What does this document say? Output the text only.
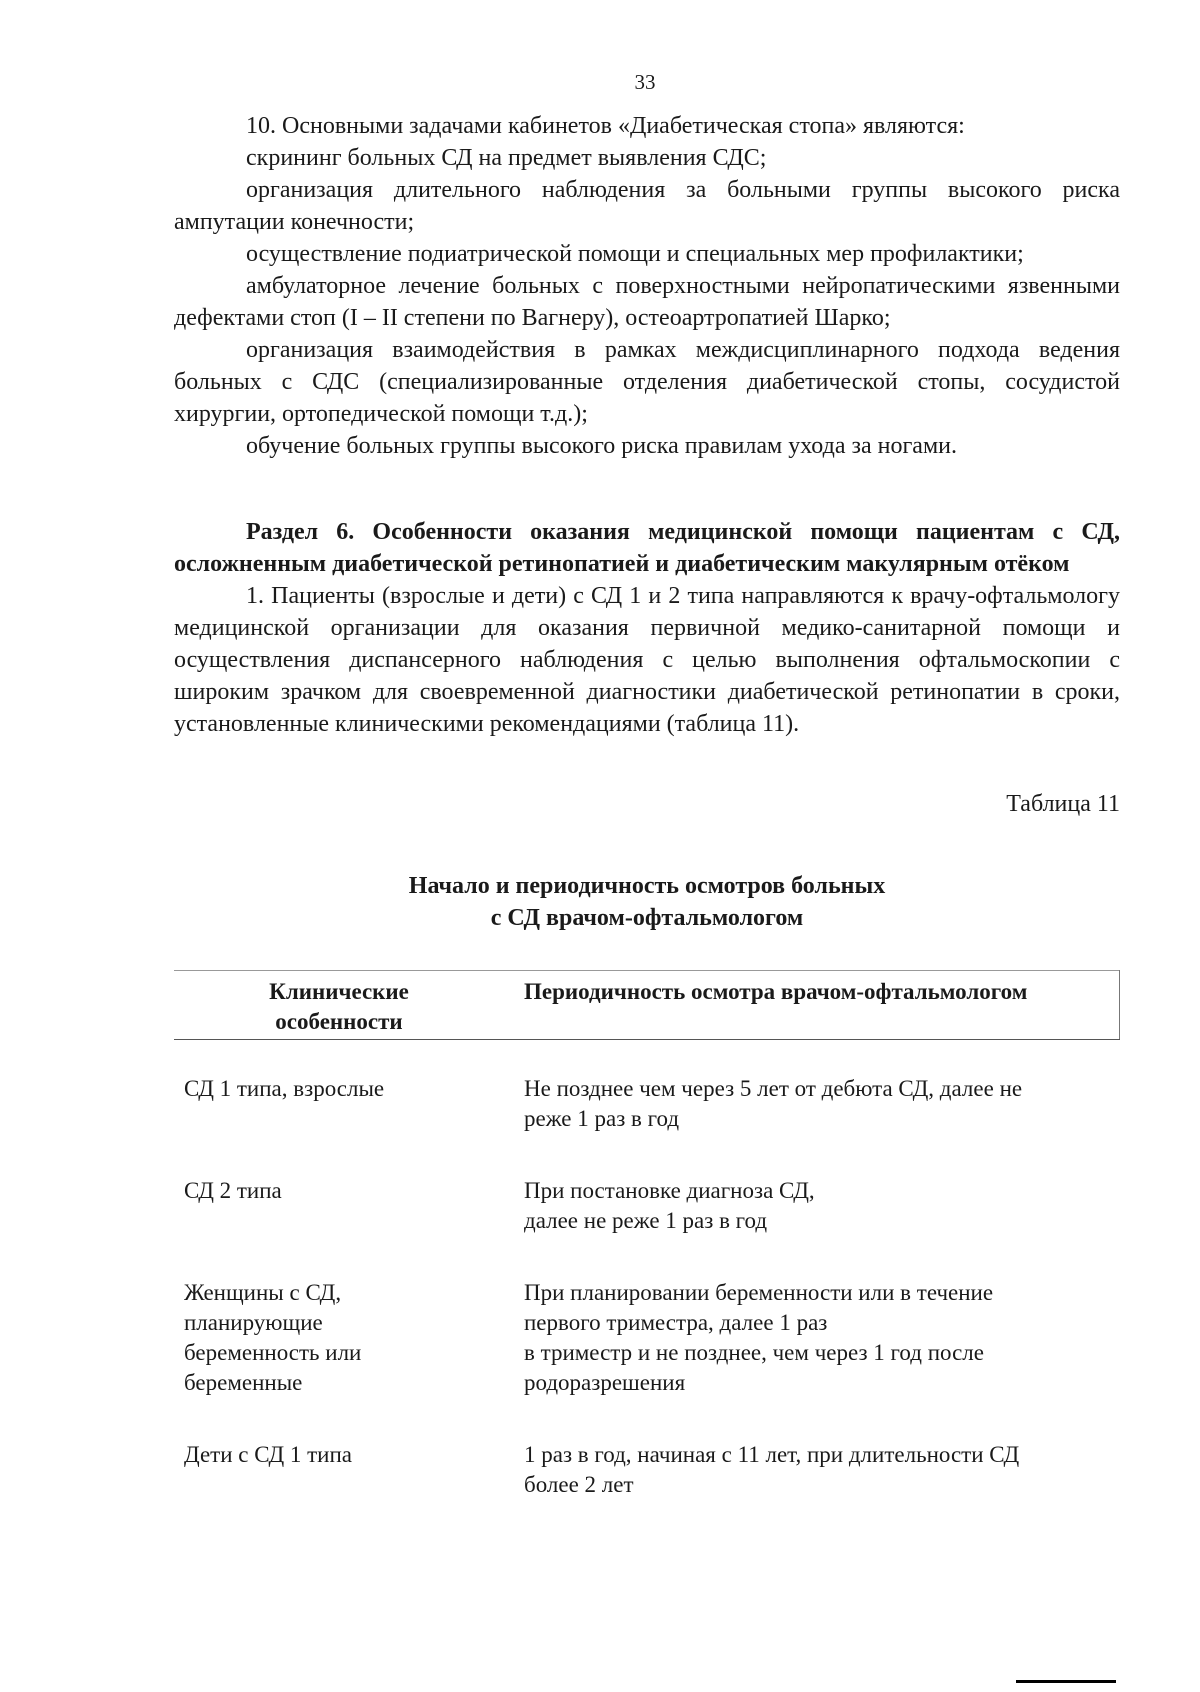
33

10. Основными задачами кабинетов «Диабетическая стопа» являются:

скрининг больных СД на предмет выявления СДС;

организация длительного наблюдения за больными группы высокого риска ампутации конечности;

осуществление подиатрической помощи и специальных мер профилактики;

амбулаторное лечение больных с поверхностными нейропатическими язвенными дефектами стоп (I – II степени по Вагнеру), остеоартропатией Шарко;

организация взаимодействия в рамках междисциплинарного подхода ведения больных с СДС (специализированные отделения диабетической стопы, сосудистой хирургии, ортопедической помощи т.д.);

обучение больных группы высокого риска правилам ухода за ногами.

Раздел 6. Особенности оказания медицинской помощи пациентам с СД, осложненным диабетической ретинопатией и диабетическим макулярным отёком

1. Пациенты (взрослые и дети) с СД 1 и 2 типа направляются к врачу-офтальмологу медицинской организации для оказания первичной медико-санитарной помощи и осуществления диспансерного наблюдения с целью выполнения офтальмоскопии с широким зрачком для своевременной диагностики диабетической ретинопатии в сроки, установленные клиническими рекомендациями (таблица 11).

Таблица 11

Начало и периодичность осмотров больных
с СД врачом-офтальмологом
Клинические
особенности	Периодичность осмотра врачом-офтальмологом

СД 1 типа, взрослые	Не позднее чем через 5 лет от дебюта СД, далее не
реже 1 раз в год

СД 2 типа	При постановке диагноза СД,
далее не реже 1 раз в год

Женщины с СД,
планирующие
беременность или
беременные	При планировании беременности или в течение
первого триместра, далее 1 раз
в триместр и не позднее, чем через 1 год после
родоразрешения

Дети с СД 1 типа	1 раз в год, начиная с 11 лет, при длительности СД
более 2 лет
